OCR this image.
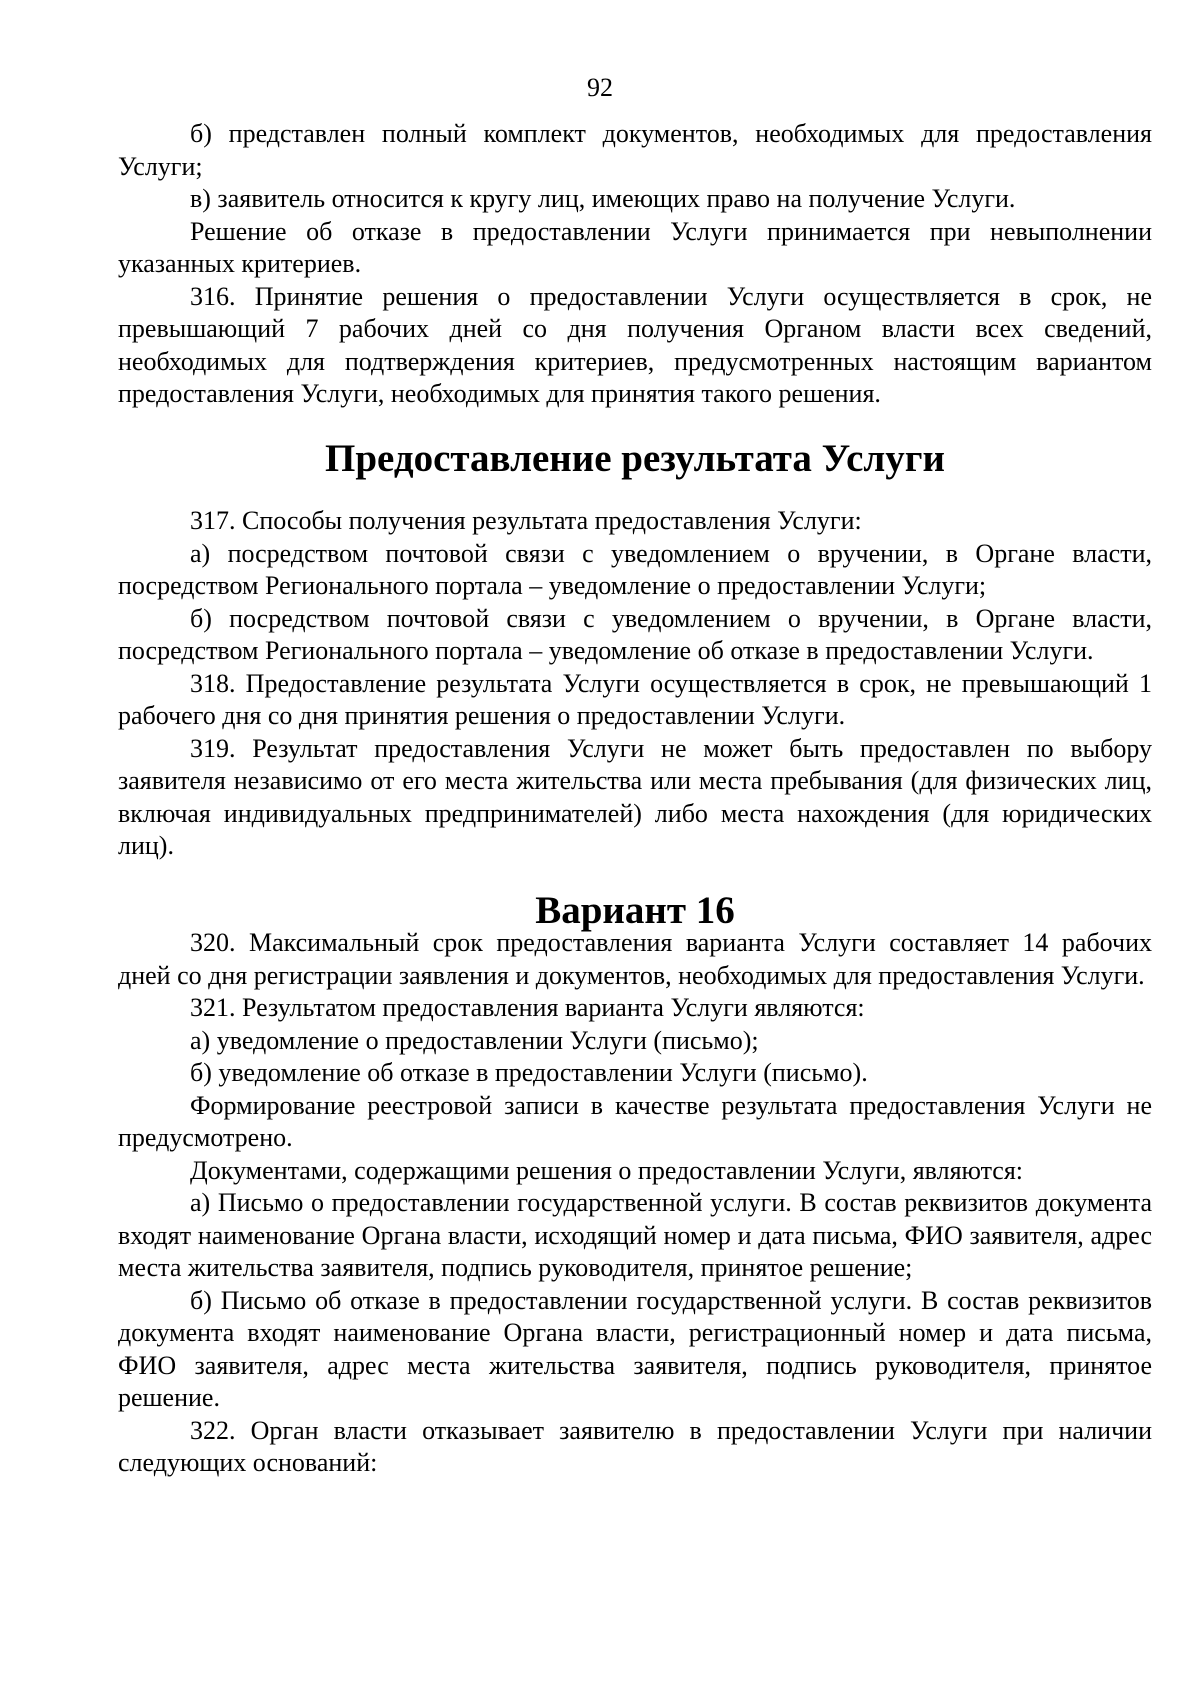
92

б) представлен полный комплект документов, необходимых для предоставления Услуги;

в) заявитель относится к кругу лиц, имеющих право на получение Услуги.

Решение об отказе в предоставлении Услуги принимается при невыполнении указанных критериев.

316. Принятие решения о предоставлении Услуги осуществляется в срок, не превышающий 7 рабочих дней со дня получения Органом власти всех сведений, необходимых для подтверждения критериев, предусмотренных настоящим вариантом предоставления Услуги, необходимых для принятия такого решения.

Предоставление результата Услуги

317. Способы получения результата предоставления Услуги:

а) посредством почтовой связи с уведомлением о вручении, в Органе власти, посредством Регионального портала – уведомление о предоставлении Услуги;

б) посредством почтовой связи с уведомлением о вручении, в Органе власти, посредством Регионального портала – уведомление об отказе в предоставлении Услуги.

318. Предоставление результата Услуги осуществляется в срок, не превышающий 1 рабочего дня со дня принятия решения о предоставлении Услуги.

319. Результат предоставления Услуги не может быть предоставлен по выбору заявителя независимо от его места жительства или места пребывания (для физических лиц, включая индивидуальных предпринимателей) либо места нахождения (для юридических лиц).

Вариант 16

320. Максимальный срок предоставления варианта Услуги составляет 14 рабочих дней со дня регистрации заявления и документов, необходимых для предоставления Услуги.

321. Результатом предоставления варианта Услуги являются:

а) уведомление о предоставлении Услуги (письмо);

б) уведомление об отказе в предоставлении Услуги (письмо).

Формирование реестровой записи в качестве результата предоставления Услуги не предусмотрено.

Документами, содержащими решения о предоставлении Услуги, являются:

а) Письмо о предоставлении государственной услуги. В состав реквизитов документа входят наименование Органа власти, исходящий номер и дата письма, ФИО заявителя, адрес места жительства заявителя, подпись руководителя, принятое решение;

б) Письмо об отказе в предоставлении государственной услуги. В состав реквизитов документа входят наименование Органа власти, регистрационный номер и дата письма, ФИО заявителя, адрес места жительства заявителя, подпись руководителя, принятое решение.

322. Орган власти отказывает заявителю в предоставлении Услуги при наличии следующих оснований:
